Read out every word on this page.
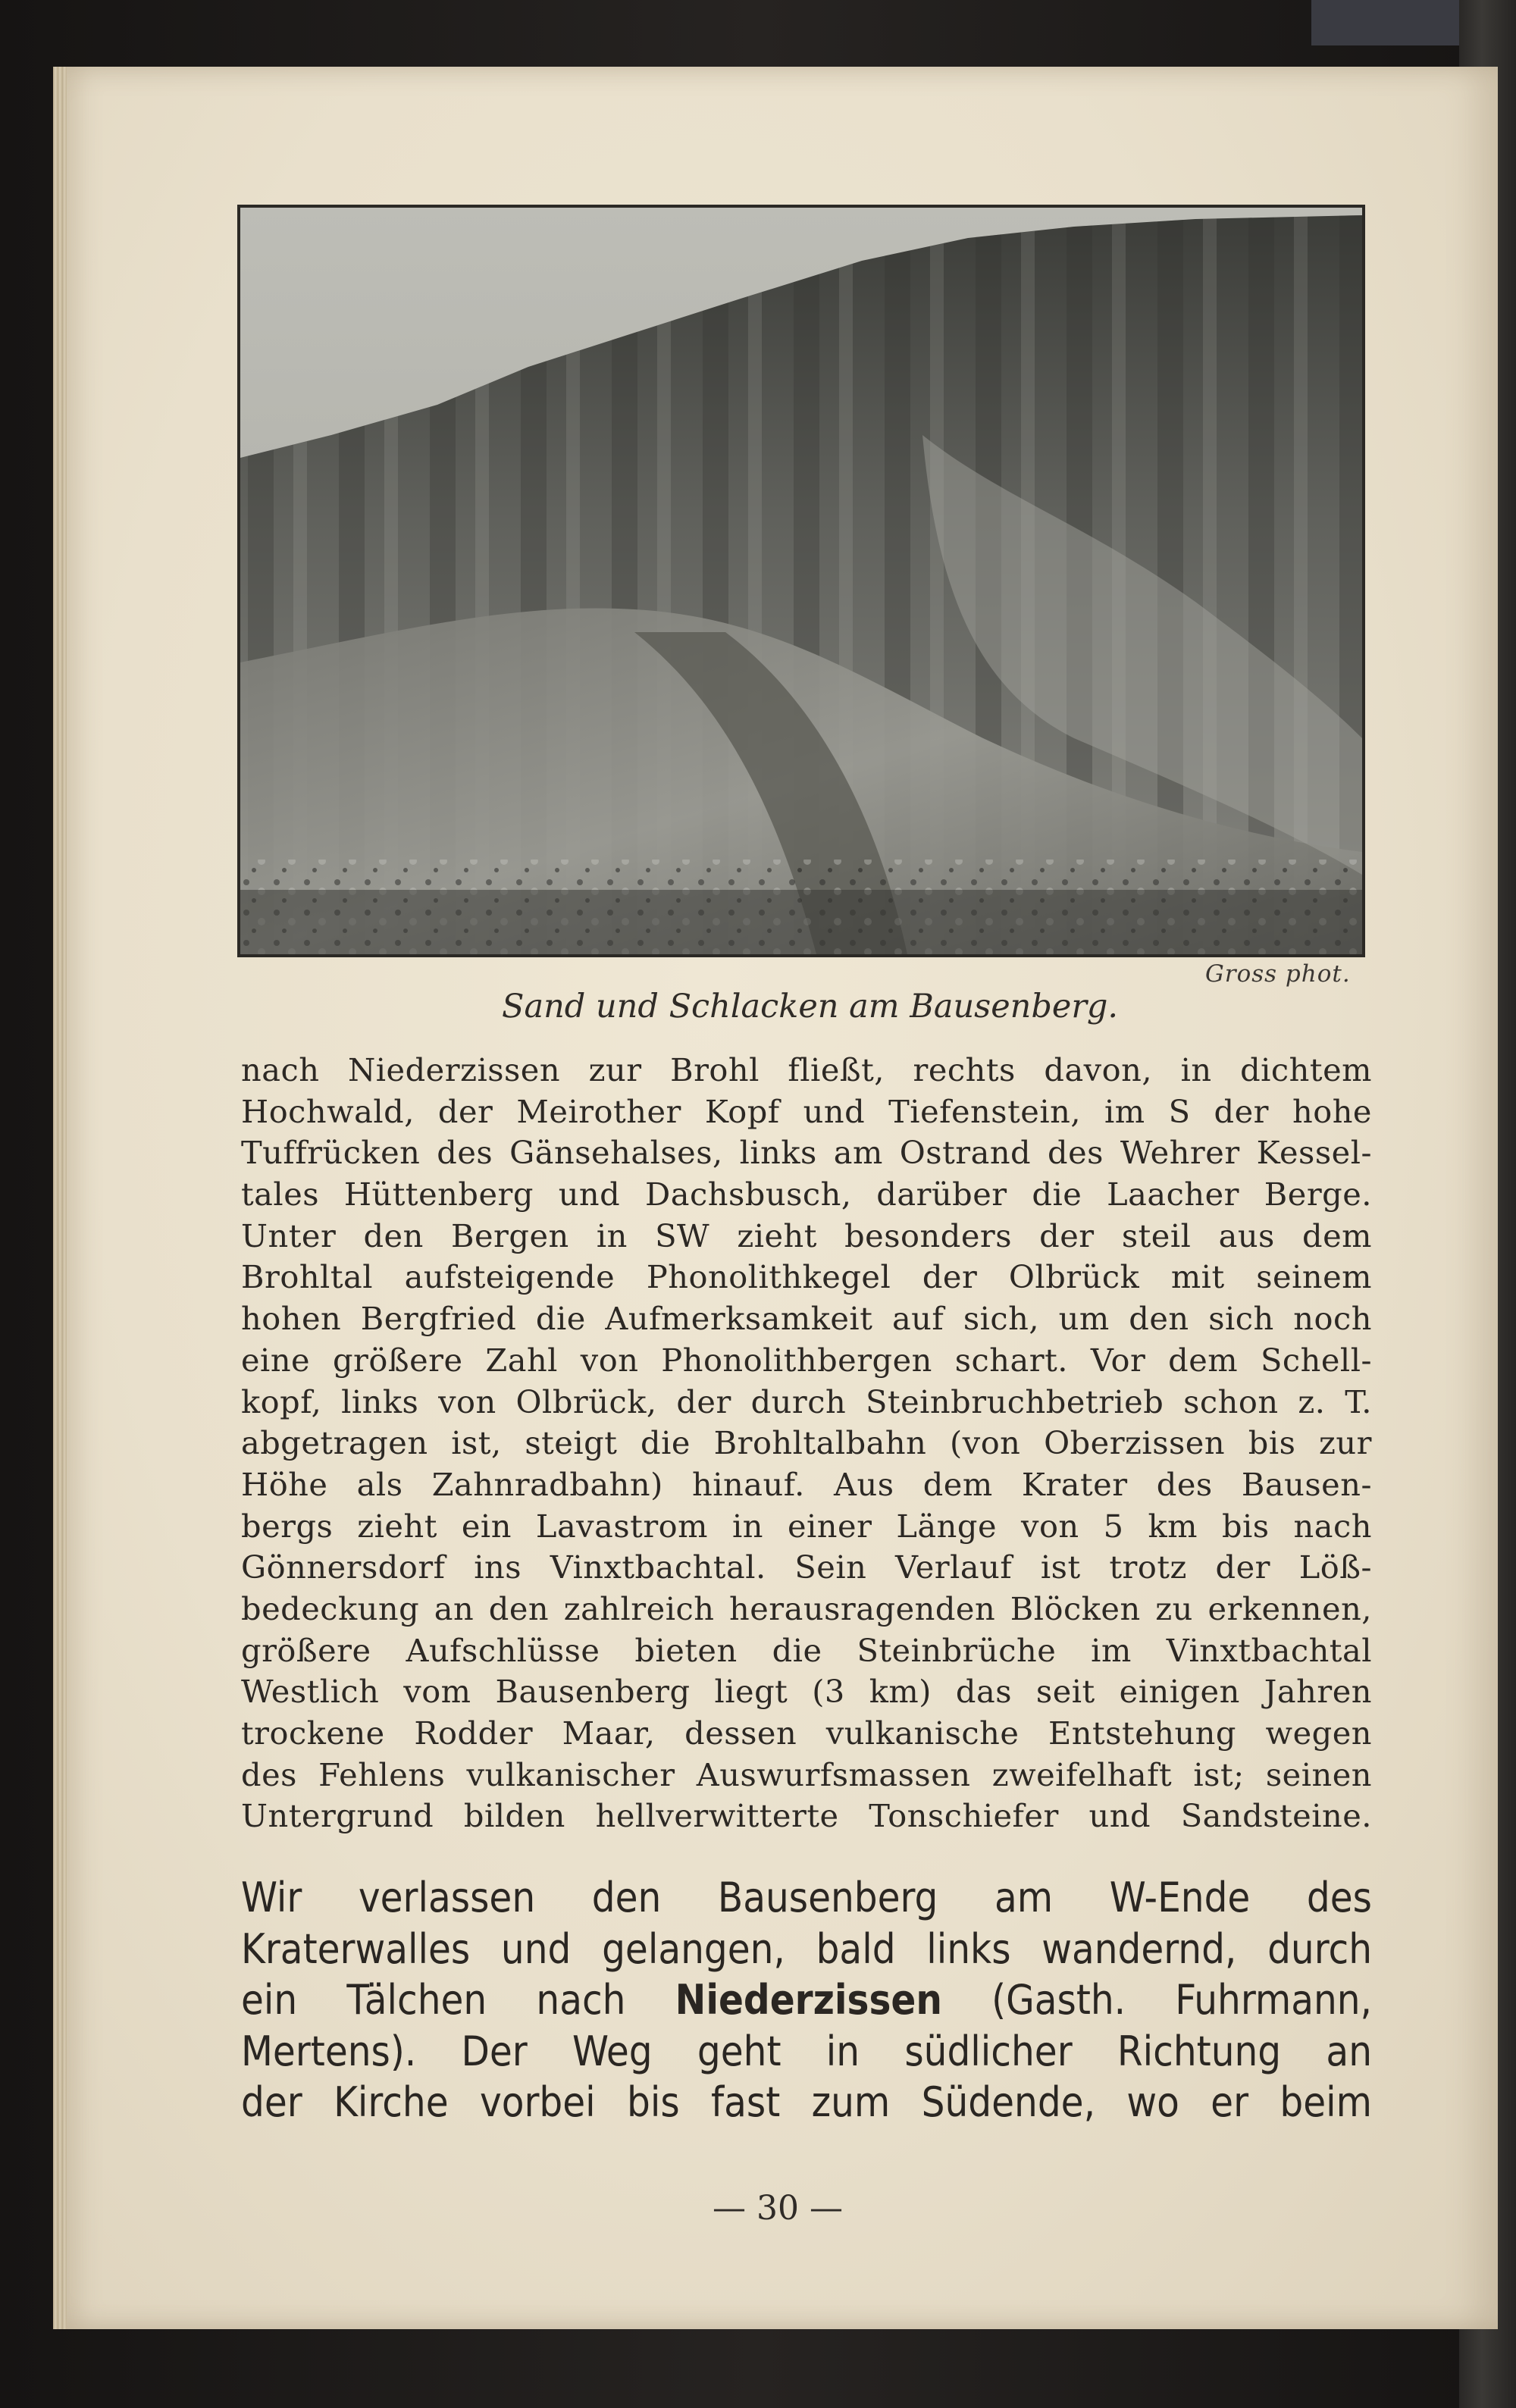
Gross phot.
Sand und Schlacken am Bausenberg.
nach Niederzissen zur Brohl fließt, rechts davon, in dichtem
Hochwald, der Meirother Kopf und Tiefenstein, im S der hohe
Tuffrücken des Gänsehalses, links am Ostrand des Wehrer Kessel-
tales Hüttenberg und Dachsbusch, darüber die Laacher Berge.
Unter den Bergen in SW zieht besonders der steil aus dem
Brohltal aufsteigende Phonolithkegel der Olbrück mit seinem
hohen Bergfried die Aufmerksamkeit auf sich, um den sich noch
eine größere Zahl von Phonolithbergen schart. Vor dem Schell-
kopf, links von Olbrück, der durch Steinbruchbetrieb schon z. T.
abgetragen ist, steigt die Brohltalbahn (von Oberzissen bis zur
Höhe als Zahnradbahn) hinauf. Aus dem Krater des Bausen-
bergs zieht ein Lavastrom in einer Länge von 5 km bis nach
Gönnersdorf ins Vinxtbachtal. Sein Verlauf ist trotz der Löß-
bedeckung an den zahlreich herausragenden Blöcken zu erkennen,
größere Aufschlüsse bieten die Steinbrüche im Vinxtbachtal
Westlich vom Bausenberg liegt (3 km) das seit einigen Jahren
trockene Rodder Maar, dessen vulkanische Entstehung wegen
des Fehlens vulkanischer Auswurfsmassen zweifelhaft ist; seinen
Untergrund bilden hellverwitterte Tonschiefer und Sandsteine.
Wir verlassen den Bausenberg am W-Ende des
Kraterwalles und gelangen, bald links wandernd, durch
ein Tälchen nach Niederzissen (Gasth. Fuhrmann,
Mertens). Der Weg geht in südlicher Richtung an
der Kirche vorbei bis fast zum Südende, wo er beim
— 30 —
